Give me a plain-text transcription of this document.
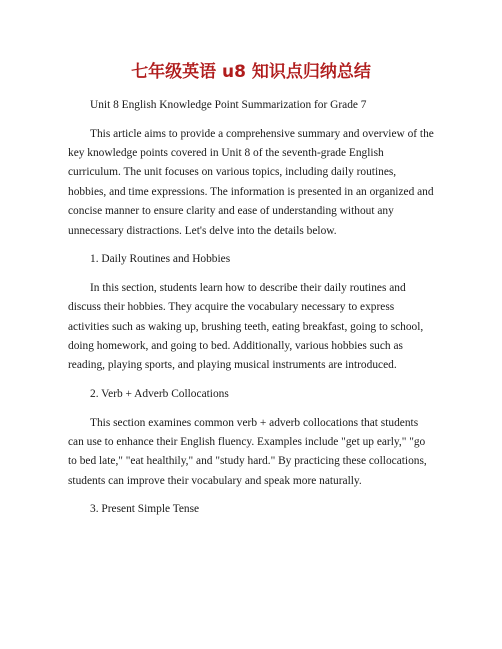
七年级英语 u8 知识点归纳总结

Unit 8 English Knowledge Point Summarization for Grade 7

This article aims to provide a comprehensive summary and overview of the key knowledge points covered in Unit 8 of the seventh-grade English curriculum. The unit focuses on various topics, including daily routines, hobbies, and time expressions. The information is presented in an organized and concise manner to ensure clarity and ease of understanding without any unnecessary distractions. Let's delve into the details below.

1. Daily Routines and Hobbies

In this section, students learn how to describe their daily routines and discuss their hobbies. They acquire the vocabulary necessary to express activities such as waking up, brushing teeth, eating breakfast, going to school, doing homework, and going to bed. Additionally, various hobbies such as reading, playing sports, and playing musical instruments are introduced.

2. Verb + Adverb Collocations

This section examines common verb + adverb collocations that students can use to enhance their English fluency. Examples include "get up early," "go to bed late," "eat healthily," and "study hard." By practicing these collocations, students can improve their vocabulary and speak more naturally.

3. Present Simple Tense
